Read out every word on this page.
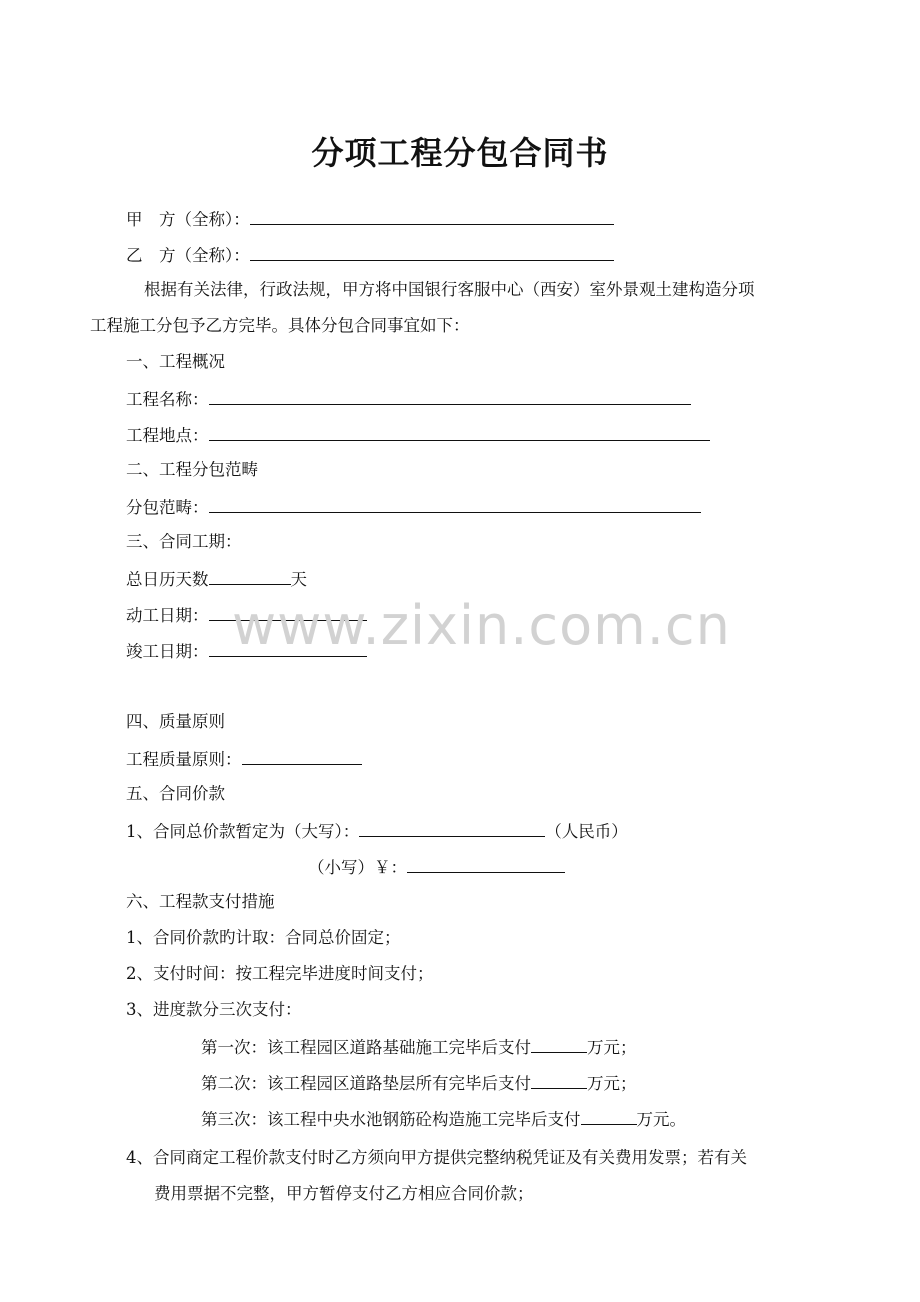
分项工程分包合同书
甲　方（全称）：
乙　方（全称）：
根据有关法律，行政法规，甲方将中国银行客服中心（西安）室外景观土建构造分项
工程施工分包予乙方完毕。具体分包合同事宜如下：
一、工程概况
工程名称：
工程地点：
二、工程分包范畴
分包范畴：
三、合同工期：
总日历天数	天
动工日期：
竣工日期：
四、质量原则
工程质量原则：
五、合同价款
1、合同总价款暂定为（大写）：	（人民币）
（小写）￥：
六、工程款支付措施
1、合同价款旳计取：合同总价固定；
2、支付时间：按工程完毕进度时间支付；
3、进度款分三次支付：
第一次：该工程园区道路基础施工完毕后支付	万元；
第二次：该工程园区道路垫层所有完毕后支付	万元；
第三次：该工程中央水池钢筋砼构造施工完毕后支付	万元。
4、合同商定工程价款支付时乙方须向甲方提供完整纳税凭证及有关费用发票；若有关
费用票据不完整，甲方暂停支付乙方相应合同价款；
www.zixin.com.cn
